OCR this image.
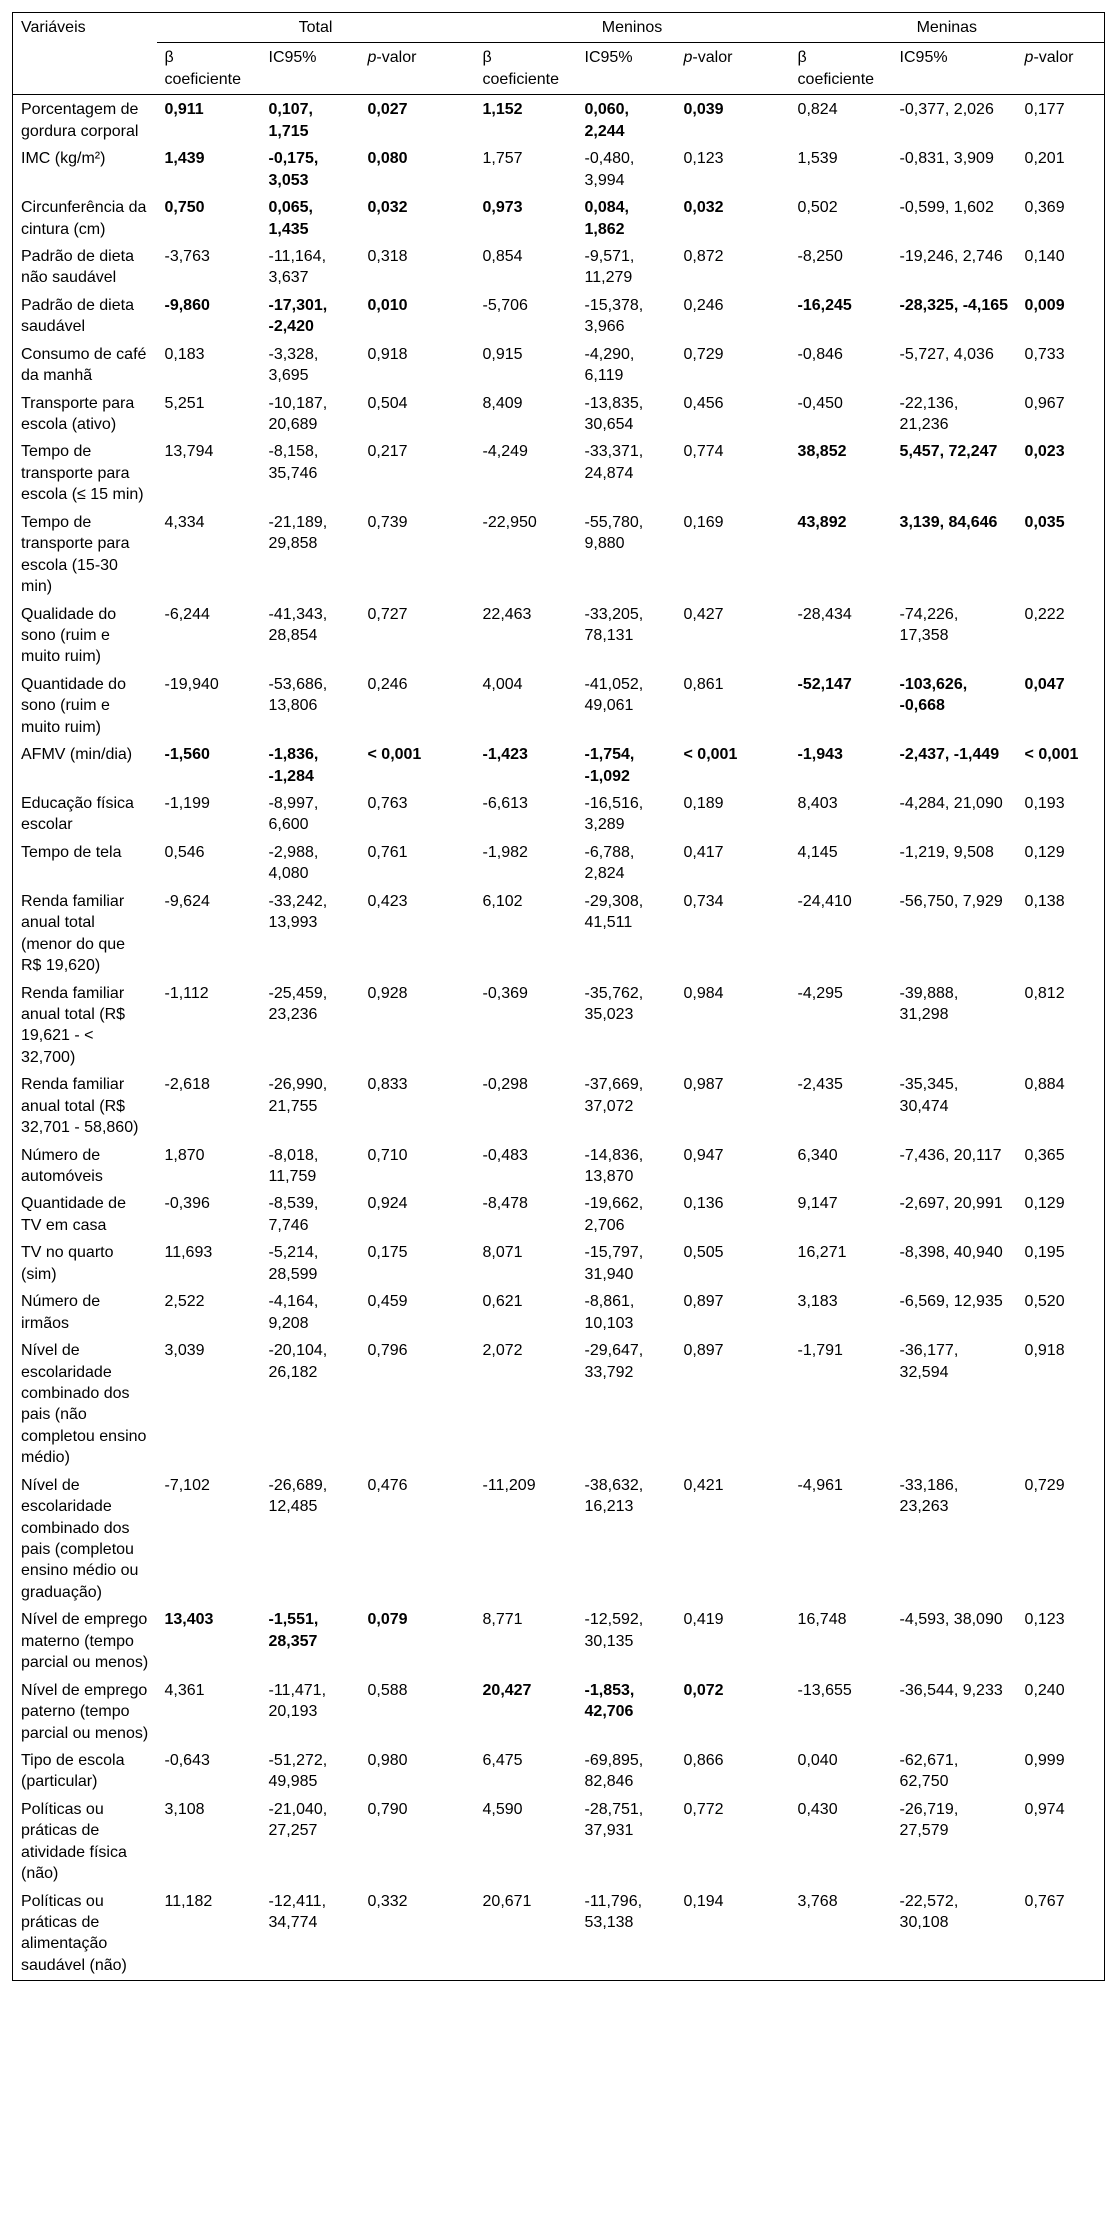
Variáveis	Total			Meninos			Meninas		
	β coeficiente	IC95%	p-valor	β coeficiente	IC95%	p-valor	β coeficiente	IC95%	p-valor
Porcentagem de gordura corporal	0,911	0,107, 1,715	0,027	1,152	0,060, 2,244	0,039	0,824	-0,377, 2,026	0,177
IMC (kg/m²)	1,439	-0,175, 3,053	0,080	1,757	-0,480, 3,994	0,123	1,539	-0,831, 3,909	0,201
Circunferência da cintura (cm)	0,750	0,065, 1,435	0,032	0,973	0,084, 1,862	0,032	0,502	-0,599, 1,602	0,369
Padrão de dieta não saudável	-3,763	-11,164, 3,637	0,318	0,854	-9,571, 11,279	0,872	-8,250	-19,246, 2,746	0,140
Padrão de dieta saudável	-9,860	-17,301, -2,420	0,010	-5,706	-15,378, 3,966	0,246	-16,245	-28,325, -4,165	0,009
Consumo de café da manhã	0,183	-3,328, 3,695	0,918	0,915	-4,290, 6,119	0,729	-0,846	-5,727, 4,036	0,733
Transporte para escola (ativo)	5,251	-10,187, 20,689	0,504	8,409	-13,835, 30,654	0,456	-0,450	-22,136, 21,236	0,967
Tempo de transporte para escola (≤ 15 min)	13,794	-8,158, 35,746	0,217	-4,249	-33,371, 24,874	0,774	38,852	5,457, 72,247	0,023
Tempo de transporte para escola (15-30 min)	4,334	-21,189, 29,858	0,739	-22,950	-55,780, 9,880	0,169	43,892	3,139, 84,646	0,035
Qualidade do sono (ruim e muito ruim)	-6,244	-41,343, 28,854	0,727	22,463	-33,205, 78,131	0,427	-28,434	-74,226, 17,358	0,222
Quantidade do sono (ruim e muito ruim)	-19,940	-53,686, 13,806	0,246	4,004	-41,052, 49,061	0,861	-52,147	-103,626, -0,668	0,047
AFMV (min/dia)	-1,560	-1,836, -1,284	< 0,001	-1,423	-1,754, -1,092	< 0,001	-1,943	-2,437, -1,449	< 0,001
Educação física escolar	-1,199	-8,997, 6,600	0,763	-6,613	-16,516, 3,289	0,189	8,403	-4,284, 21,090	0,193
Tempo de tela	0,546	-2,988, 4,080	0,761	-1,982	-6,788, 2,824	0,417	4,145	-1,219, 9,508	0,129
Renda familiar anual total (menor do que R$ 19,620)	-9,624	-33,242, 13,993	0,423	6,102	-29,308, 41,511	0,734	-24,410	-56,750, 7,929	0,138
Renda familiar anual total (R$ 19,621 - < 32,700)	-1,112	-25,459, 23,236	0,928	-0,369	-35,762, 35,023	0,984	-4,295	-39,888, 31,298	0,812
Renda familiar anual total (R$ 32,701 - 58,860)	-2,618	-26,990, 21,755	0,833	-0,298	-37,669, 37,072	0,987	-2,435	-35,345, 30,474	0,884
Número de automóveis	1,870	-8,018, 11,759	0,710	-0,483	-14,836, 13,870	0,947	6,340	-7,436, 20,117	0,365
Quantidade de TV em casa	-0,396	-8,539, 7,746	0,924	-8,478	-19,662, 2,706	0,136	9,147	-2,697, 20,991	0,129
TV no quarto (sim)	11,693	-5,214, 28,599	0,175	8,071	-15,797, 31,940	0,505	16,271	-8,398, 40,940	0,195
Número de irmãos	2,522	-4,164, 9,208	0,459	0,621	-8,861, 10,103	0,897	3,183	-6,569, 12,935	0,520
Nível de escolaridade combinado dos pais (não completou ensino médio)	3,039	-20,104, 26,182	0,796	2,072	-29,647, 33,792	0,897	-1,791	-36,177, 32,594	0,918
Nível de escolaridade combinado dos pais (completou ensino médio ou graduação)	-7,102	-26,689, 12,485	0,476	-11,209	-38,632, 16,213	0,421	-4,961	-33,186, 23,263	0,729
Nível de emprego materno (tempo parcial ou menos)	13,403	-1,551, 28,357	0,079	8,771	-12,592, 30,135	0,419	16,748	-4,593, 38,090	0,123
Nível de emprego paterno (tempo parcial ou menos)	4,361	-11,471, 20,193	0,588	20,427	-1,853, 42,706	0,072	-13,655	-36,544, 9,233	0,240
Tipo de escola (particular)	-0,643	-51,272, 49,985	0,980	6,475	-69,895, 82,846	0,866	0,040	-62,671, 62,750	0,999
Políticas ou práticas de atividade física (não)	3,108	-21,040, 27,257	0,790	4,590	-28,751, 37,931	0,772	0,430	-26,719, 27,579	0,974
Políticas ou práticas de alimentação saudável (não)	11,182	-12,411, 34,774	0,332	20,671	-11,796, 53,138	0,194	3,768	-22,572, 30,108	0,767
